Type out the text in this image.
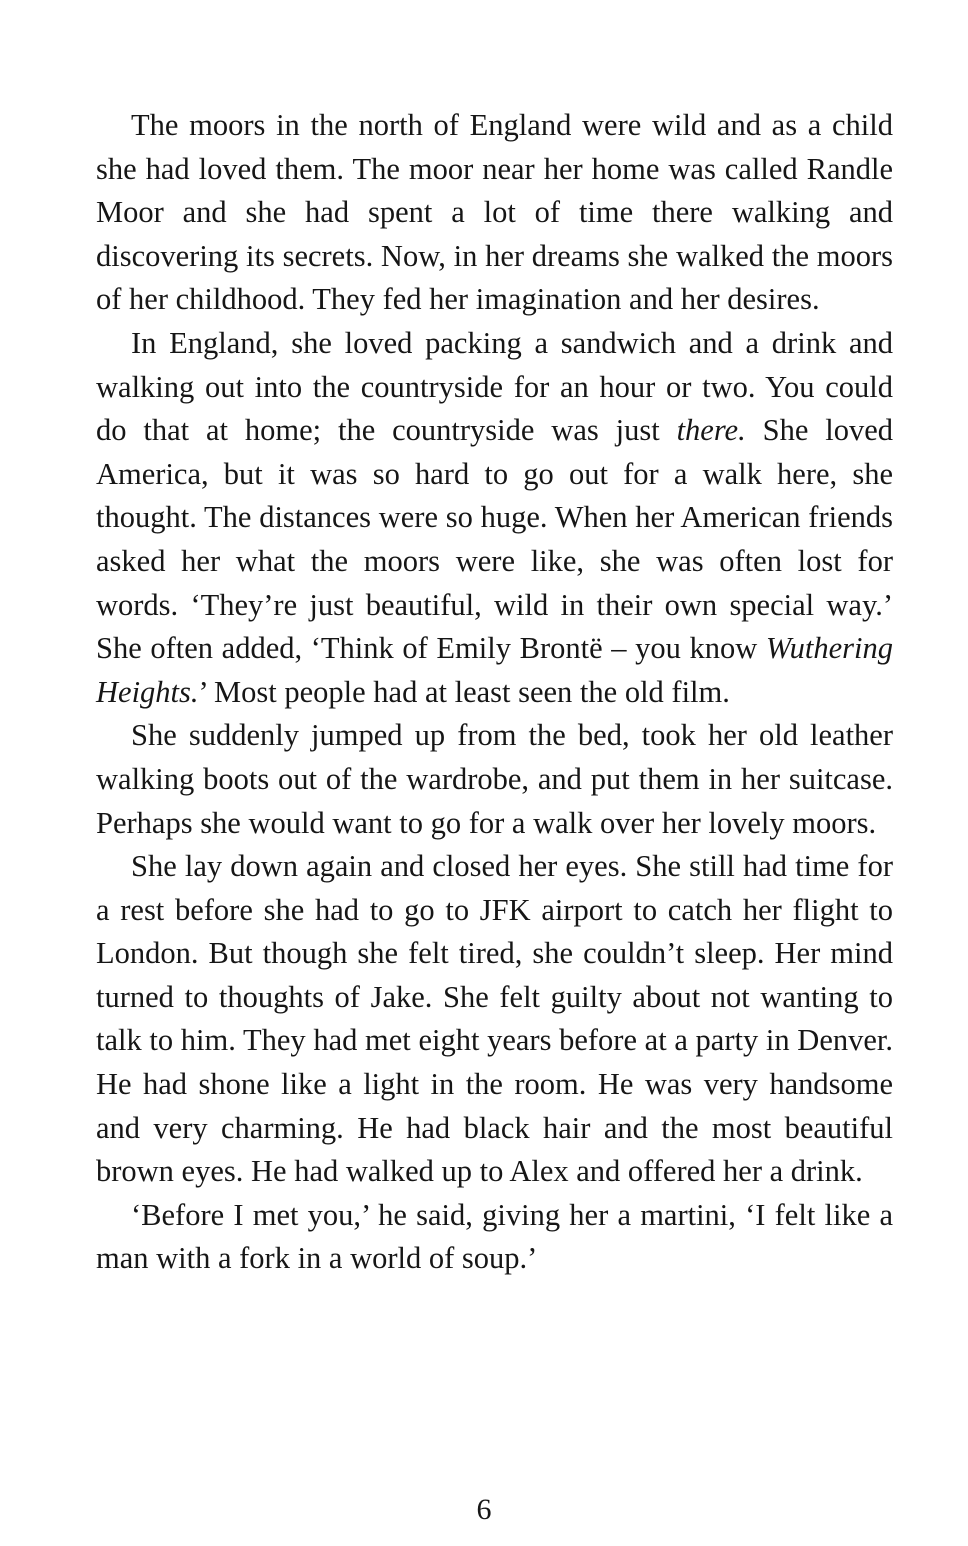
The moors in the north of England were wild and as a child she had loved them. The moor near her home was called Randle Moor and she had spent a lot of time there walking and discovering its secrets. Now, in her dreams she walked the moors of her childhood. They fed her imagination and her desires.

In England, she loved packing a sandwich and a drink and walking out into the countryside for an hour or two. You could do that at home; the countryside was just there. She loved America, but it was so hard to go out for a walk here, she thought. The distances were so huge. When her American friends asked her what the moors were like, she was often lost for words. ‘They’re just beautiful, wild in their own special way.’ She often added, ‘Think of Emily Brontë – you know Wuthering Heights.’ Most people had at least seen the old film.

She suddenly jumped up from the bed, took her old leather walking boots out of the wardrobe, and put them in her suitcase. Perhaps she would want to go for a walk over her lovely moors.

She lay down again and closed her eyes. She still had time for a rest before she had to go to JFK airport to catch her flight to London. But though she felt tired, she couldn’t sleep. Her mind turned to thoughts of Jake. She felt guilty about not wanting to talk to him. They had met eight years before at a party in Denver. He had shone like a light in the room. He was very handsome and very charming. He had black hair and the most beautiful brown eyes. He had walked up to Alex and offered her a drink.

‘Before I met you,’ he said, giving her a martini, ‘I felt like a man with a fork in a world of soup.’

6
